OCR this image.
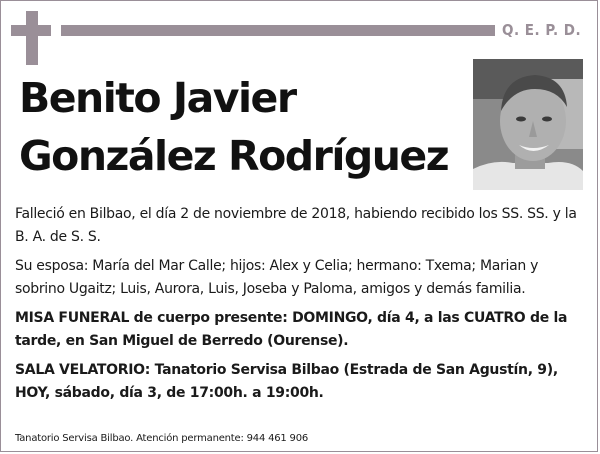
Q. E. P. D.
Benito Javier
González Rodríguez

Falleció en Bilbao, el día 2 de noviembre de 2018, habiendo recibido los SS. SS. y la B. A. de S. S.

Su esposa: María del Mar Calle; hijos: Alex y Celia; hermano: Txema; Marian y sobrino Ugaitz; Luis, Aurora, Luis, Joseba y Paloma, amigos y demás familia.

MISA FUNERAL de cuerpo presente: DOMINGO, día 4, a las CUATRO de la tarde, en San Miguel de Berredo (Ourense).

SALA VELATORIO: Tanatorio Servisa Bilbao (Estrada de San Agustín, 9), HOY, sábado, día 3, de 17:00h. a 19:00h.

Tanatorio Servisa Bilbao. Atención permanente: 944 461 906
